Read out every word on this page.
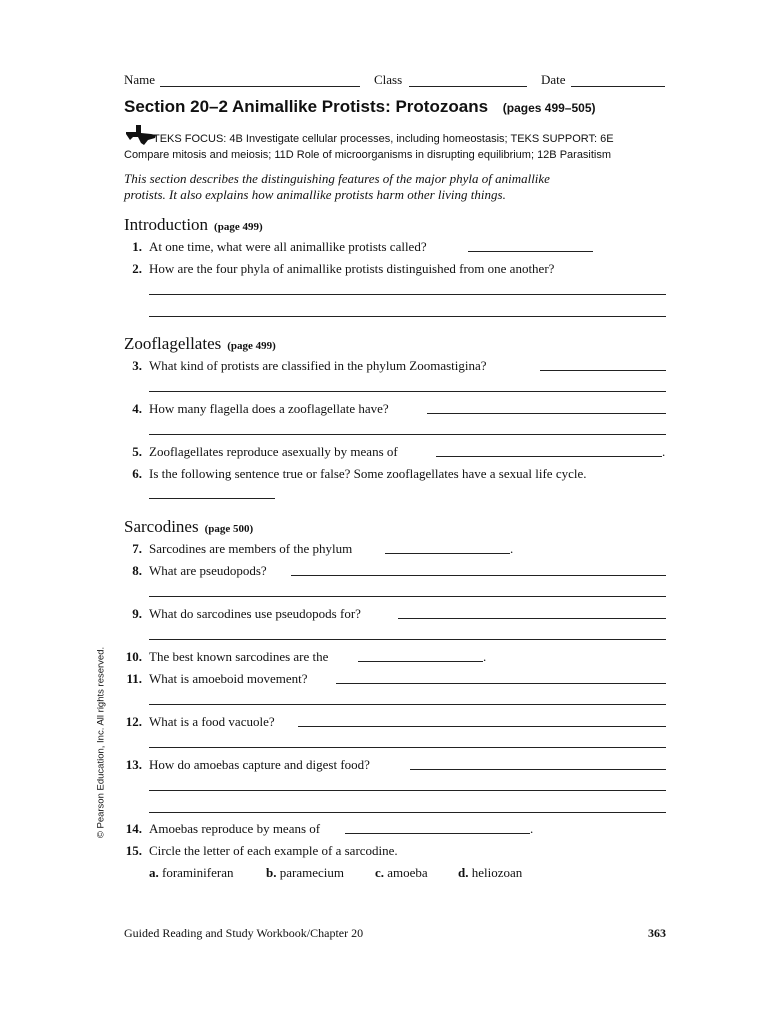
Name	Class	Date
Section 20–2 Animallike Protists: Protozoans (pages 499–505)
TEKS FOCUS: 4B Investigate cellular processes, including homeostasis; TEKS SUPPORT: 6E
Compare mitosis and meiosis; 11D Role of microorganisms in disrupting equilibrium; 12B Parasitism
This section describes the distinguishing features of the major phyla of animallike
protists. It also explains how animallike protists harm other living things.
Introduction (page 499)
1. At one time, what were all animallike protists called?
2. How are the four phyla of animallike protists distinguished from one another?
Zooflagellates (page 499)
3. What kind of protists are classified in the phylum Zoomastigina?
4. How many flagella does a zooflagellate have?
5. Zooflagellates reproduce asexually by means of	.
6. Is the following sentence true or false? Some zooflagellates have a sexual life cycle.
Sarcodines (page 500)
7. Sarcodines are members of the phylum	.
8. What are pseudopods?
9. What do sarcodines use pseudopods for?
10. The best known sarcodines are the	.
11. What is amoeboid movement?
12. What is a food vacuole?
13. How do amoebas capture and digest food?
14. Amoebas reproduce by means of	.
15. Circle the letter of each example of a sarcodine.
a. foraminiferan	b. paramecium c. amoeba d. heliozoan
© Pearson Education, Inc. All rights reserved.
Guided Reading and Study Workbook/Chapter 20	363
